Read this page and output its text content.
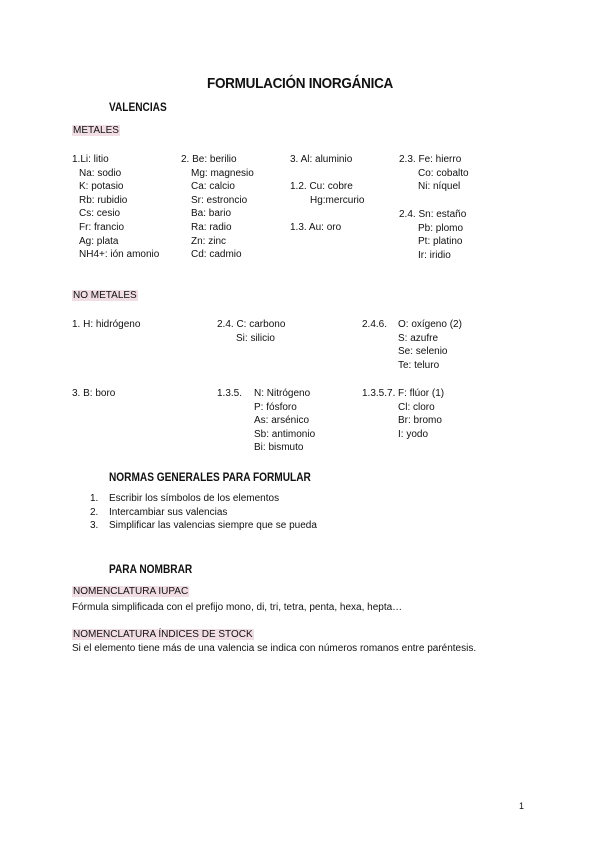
FORMULACIÓN INORGÁNICA
VALENCIAS
METALES
1.Li: litio
Na: sodio
K: potasio
Rb: rubidio
Cs: cesio
Fr: francio
Ag: plata
NH4+: ión amonio
2. Be: berilio
Mg: magnesio
Ca: calcio
Sr: estroncio
Ba: bario
Ra: radio
Zn: zinc
Cd: cadmio
3. Al: aluminio
1.2. Cu: cobre
Hg:mercurio
1.3. Au: oro
2.3. Fe: hierro
Co: cobalto
Ni: níquel
2.4. Sn: estaño
Pb: plomo
Pt: platino
Ir: iridio
NO METALES
1. H: hidrógeno	2.4. C: carbono
Si: silicio
2.4.6. O: oxígeno (2)
S: azufre
Se: selenio
Te: teluro
3. B: boro	1.3.5. N: Nitrógeno
P: fósforo
As: arsénico
Sb: antimonio
Bi: bismuto
1.3.5.7. F: flúor (1)
Cl: cloro
Br: bromo
I: yodo
NORMAS GENERALES PARA FORMULAR
1. Escribir los símbolos de los elementos
2. Intercambiar sus valencias
3. Simplificar las valencias siempre que se pueda
PARA NOMBRAR
NOMENCLATURA IUPAC
Fórmula simplificada con el prefijo mono, di, tri, tetra, penta, hexa, hepta…
NOMENCLATURA ÍNDICES DE STOCK
Si el elemento tiene más de una valencia se indica con números romanos entre paréntesis.
1
